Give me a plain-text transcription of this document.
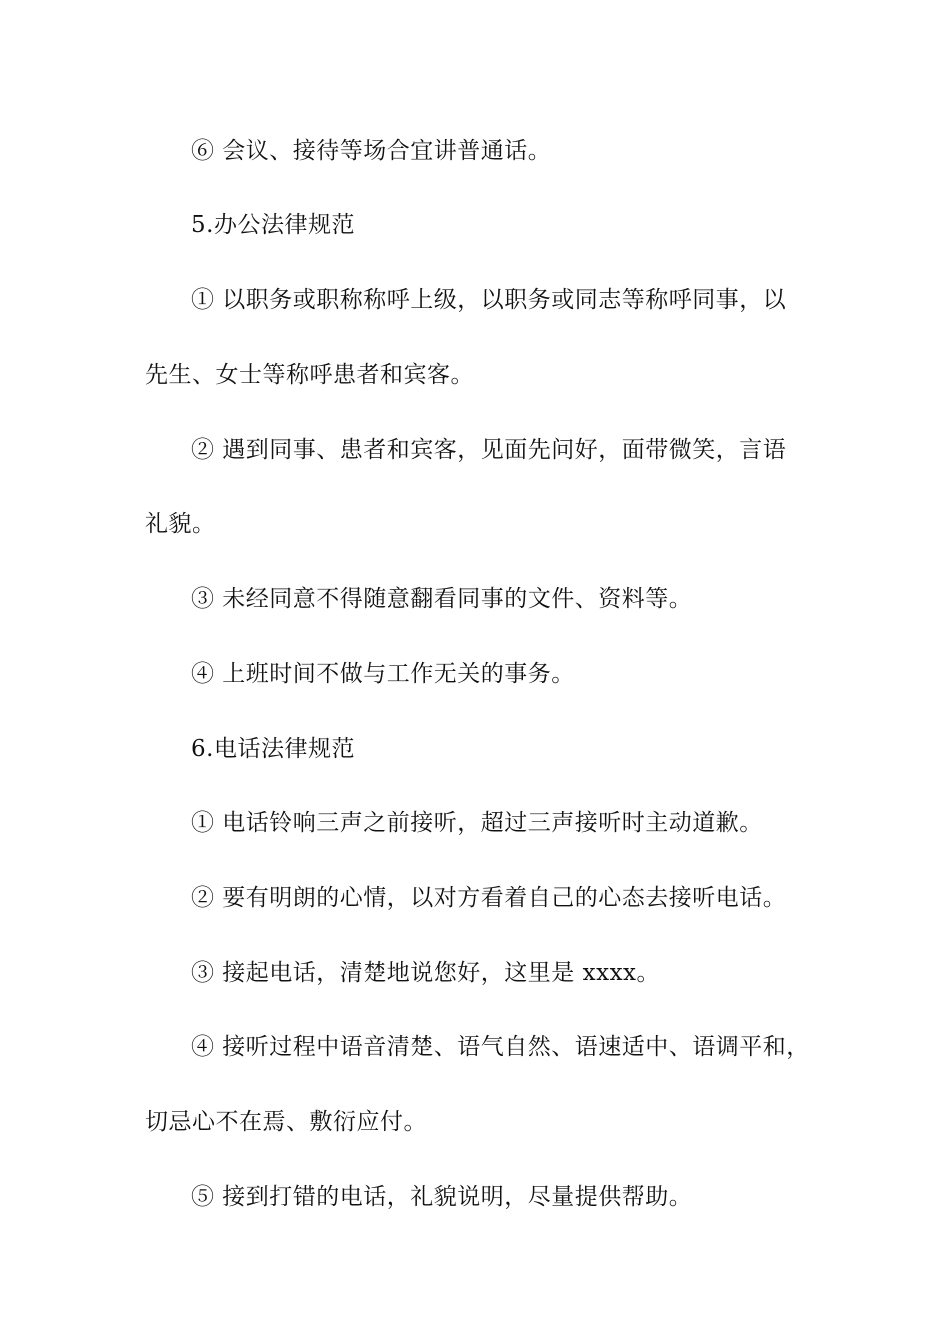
⑥ 会议、接待等场合宜讲普通话。
5.办公法律规范
① 以职务或职称称呼上级，以职务或同志等称呼同事，以
先生、女士等称呼患者和宾客。
② 遇到同事、患者和宾客，见面先问好，面带微笑，言语
礼貌。
③ 未经同意不得随意翻看同事的文件、资料等。
④ 上班时间不做与工作无关的事务。
6.电话法律规范
① 电话铃响三声之前接听，超过三声接听时主动道歉。
② 要有明朗的心情，以对方看着自己的心态去接听电话。
③ 接起电话，清楚地说您好，这里是 xxxx。
④ 接听过程中语音清楚、语气自然、语速适中、语调平和，
切忌心不在焉、敷衍应付。
⑤ 接到打错的电话，礼貌说明，尽量提供帮助。
